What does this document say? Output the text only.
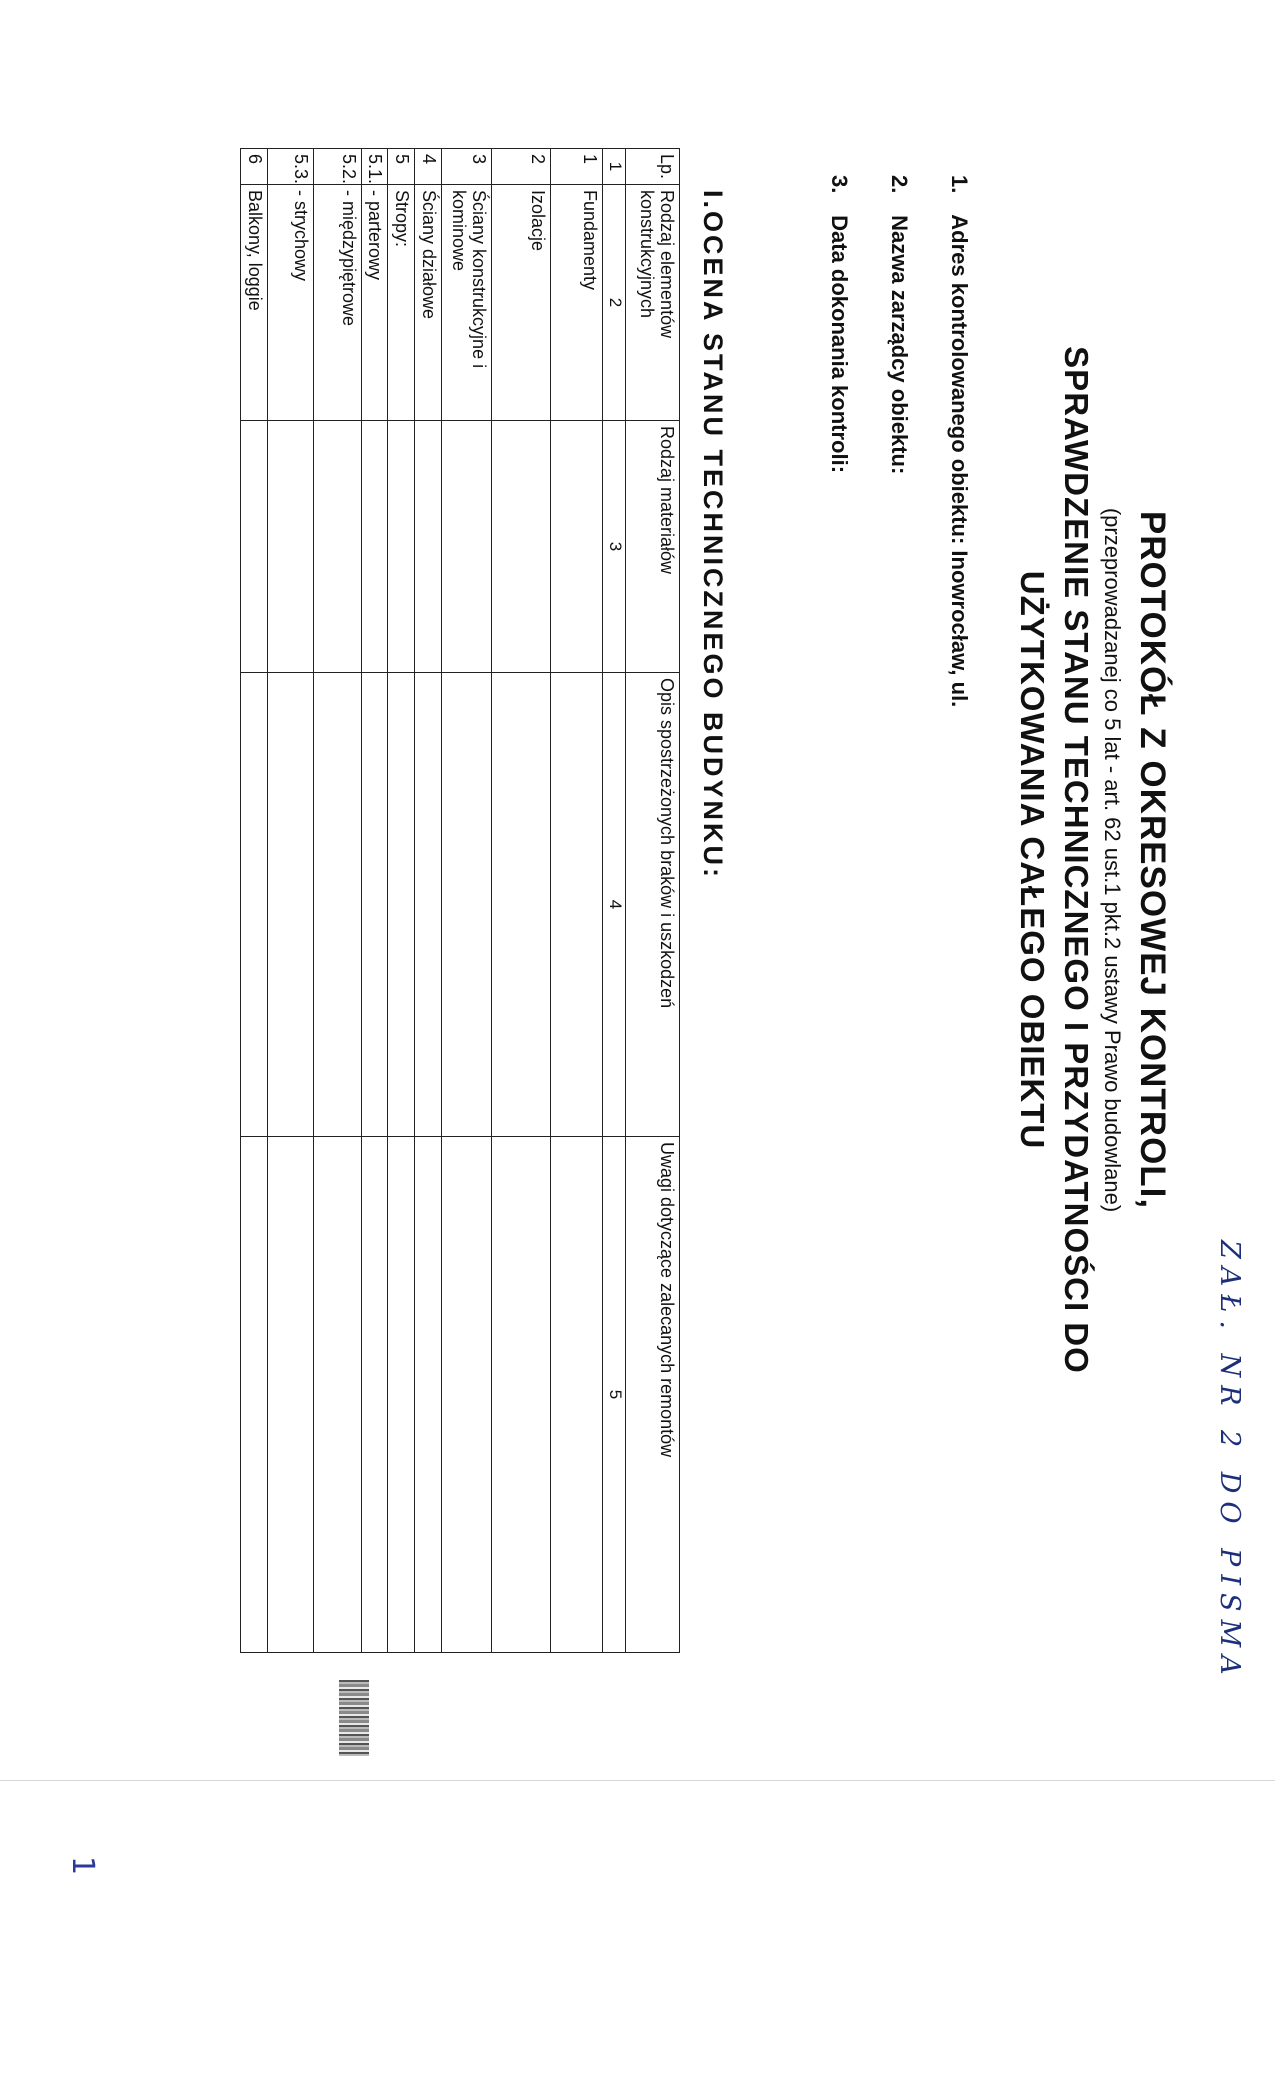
ZAŁ. NR 2 DO PISMA
1
PROTOKÓŁ Z OKRESOWEJ KONTROLI,
(przeprowadzanej co 5 lat - art. 62 ust.1 pkt.2 ustawy Prawo budowlane)
SPRAWDZENIE STANU TECHNICZNEGO I PRZYDATNOŚCI DO
UŻYTKOWANIA CAŁEGO OBIEKTU
1. Adres kontrolowanego obiektu: Inowrocław, ul.
2. Nazwa zarządcy obiektu:
3. Data dokonania kontroli:
I.OCENA STANU TECHNICZNEGO BUDYNKU:
Lp.	Rodzaj elementów konstrukcyjnych	Rodzaj materiałów	Opis spostrzeżonych braków i uszkodzeń	Uwagi dotyczące zalecanych remontów
1	2	3	4	5
1	Fundamenty			
2	Izolacje			
3	Ściany konstrukcyjne i kominowe			
4	Ściany działowe			
5	Stropy:			
5.1.	- parterowy			
5.2.	- międzypiętrowe			
5.3.	- strychowy			
6	Balkony, loggie			
